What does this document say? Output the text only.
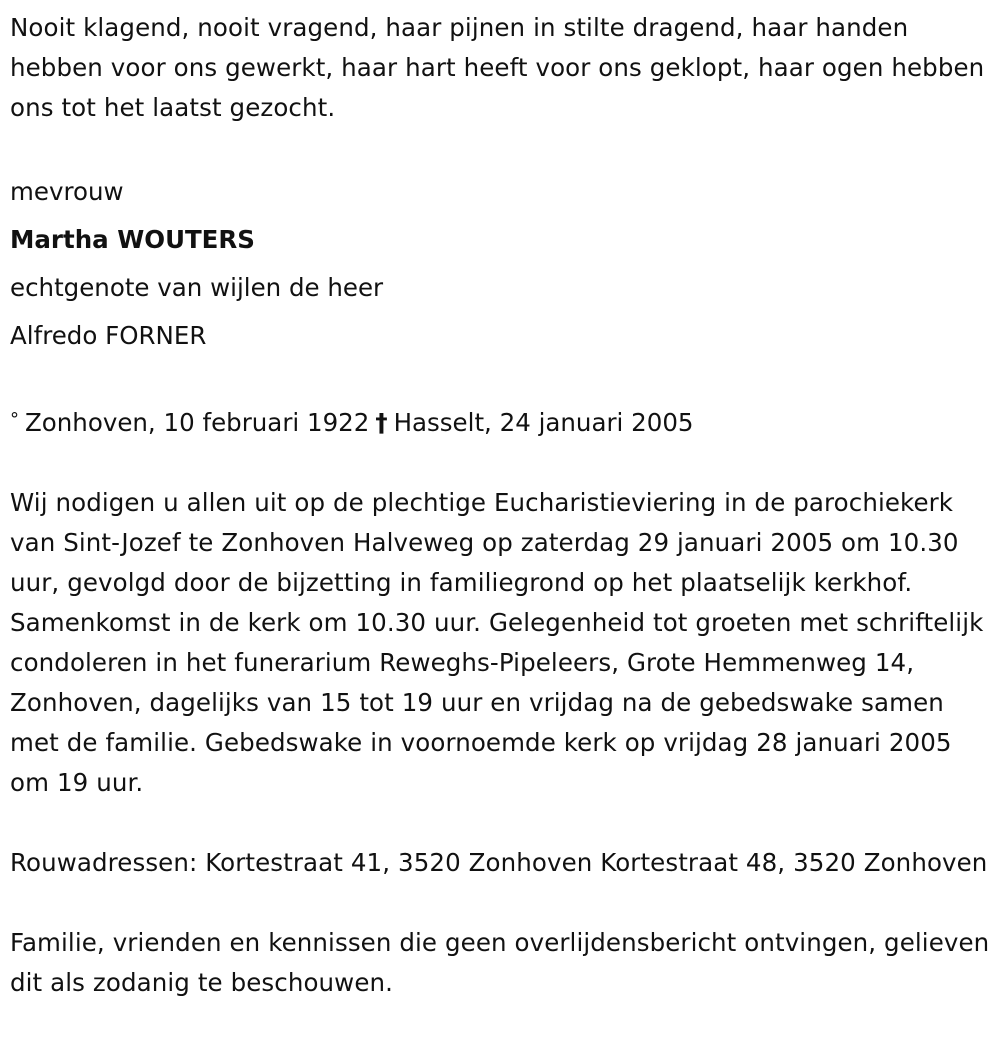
Nooit klagend, nooit vragend, haar pijnen in stilte dragend, haar handen hebben voor ons gewerkt, haar hart heeft voor ons geklopt, haar ogen hebben ons tot het laatst gezocht.

mevrouw

Martha WOUTERS

echtgenote van wijlen de heer

Alfredo FORNER

° Zonhoven, 10 februari 1922 † Hasselt, 24 januari 2005

Wij nodigen u allen uit op de plechtige Eucharistieviering in de parochiekerk van Sint-Jozef te Zonhoven Halveweg op zaterdag 29 januari 2005 om 10.30 uur, gevolgd door de bijzetting in familiegrond op het plaatselijk kerkhof. Samenkomst in de kerk om 10.30 uur. Gelegenheid tot groeten met schriftelijk condoleren in het funerarium Reweghs-Pipeleers, Grote Hemmenweg 14, Zonhoven, dagelijks van 15 tot 19 uur en vrijdag na de gebedswake samen met de familie. Gebedswake in voornoemde kerk op vrijdag 28 januari 2005 om 19 uur.

Rouwadressen: Kortestraat 41, 3520 Zonhoven Kortestraat 48, 3520 Zonhoven

Familie, vrienden en kennissen die geen overlijdensbericht ontvingen, gelieven dit als zodanig te beschouwen.
